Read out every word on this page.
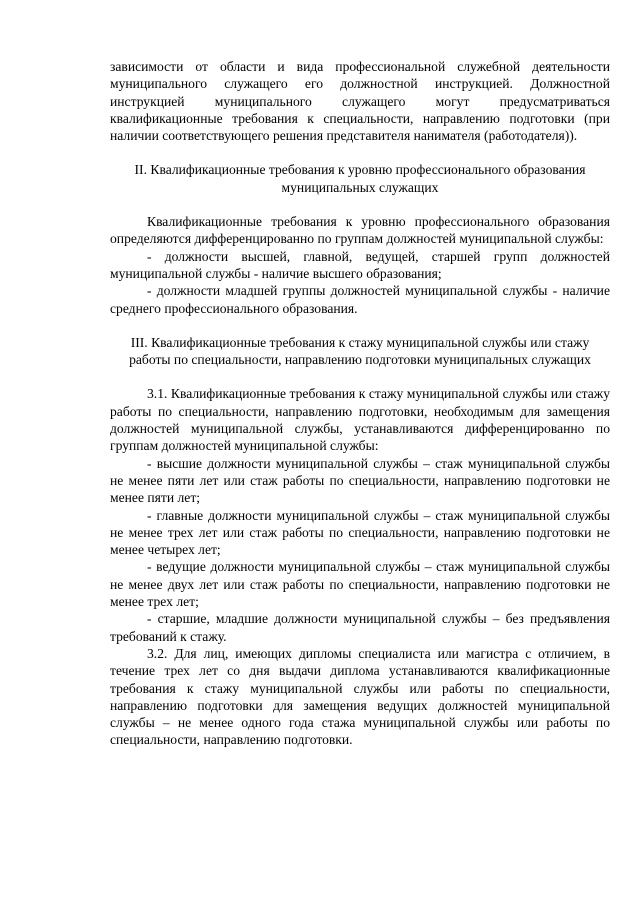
зависимости от области и вида профессиональной служебной деятельности муниципального служащего его должностной инструкцией. Должностной инструкцией муниципального служащего могут предусматриваться квалификационные требования к специальности, направлению подготовки (при наличии соответствующего решения представителя нанимателя (работодателя)).

II. Квалификационные требования к уровню профессионального образования муниципальных служащих

Квалификационные требования к уровню профессионального образования определяются дифференцированно по группам должностей муниципальной службы:

- должности высшей, главной, ведущей, старшей групп должностей муниципальной службы - наличие высшего образования;

- должности младшей группы должностей муниципальной службы - наличие среднего профессионального образования.

III. Квалификационные требования к стажу муниципальной службы или стажу работы по специальности, направлению подготовки муниципальных служащих

3.1. Квалификационные требования к стажу муниципальной службы или стажу работы по специальности, направлению подготовки, необходимым для замещения должностей муниципальной службы, устанавливаются дифференцированно по группам должностей муниципальной службы:

- высшие должности муниципальной службы – стаж муниципальной службы не менее пяти лет или стаж работы по специальности, направлению подготовки не менее пяти лет;

- главные должности муниципальной службы – стаж муниципальной службы не менее трех лет или стаж работы по специальности, направлению подготовки не менее четырех лет;

- ведущие должности муниципальной службы – стаж муниципальной службы не менее двух лет или стаж работы по специальности, направлению подготовки не менее трех лет;

- старшие, младшие должности муниципальной службы – без предъявления требований к стажу.

3.2. Для лиц, имеющих дипломы специалиста или магистра с отличием, в течение трех лет со дня выдачи диплома устанавливаются квалификационные требования к стажу муниципальной службы или работы по специальности, направлению подготовки для замещения ведущих должностей муниципальной службы – не менее одного года стажа муниципальной службы или работы по специальности, направлению подготовки.
